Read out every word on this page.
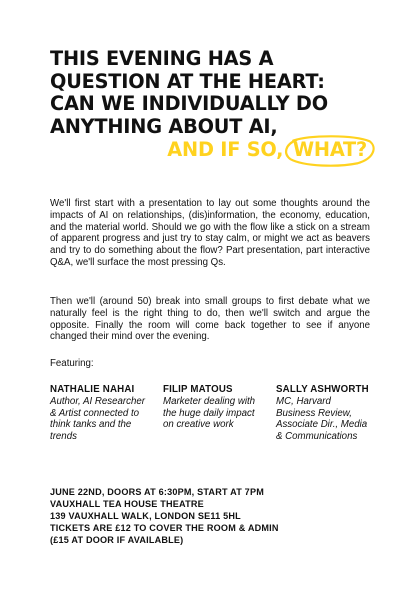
THIS EVENING HAS A
QUESTION AT THE HEART:
CAN WE INDIVIDUALLY DO
ANYTHING ABOUT AI,
AND IF SO, WHAT?

We'll first start with a presentation to lay out some thoughts around the impacts of AI on relationships, (dis)information, the economy, education, and the material world. Should we go with the flow like a stick on a stream of apparent progress and just try to stay calm, or might we act as beavers and try to do something about the flow? Part presentation, part interactive Q&A, we'll surface the most pressing Qs.

Then we'll (around 50) break into small groups to first debate what we naturally feel is the right thing to do, then we'll switch and argue the opposite. Finally the room will come back together to see if anyone changed their mind over the evening.

Featuring:
NATHALIE NAHAI
Author, AI Researcher & Artist connected to think tanks and the trends
FILIP MATOUS
Marketer dealing with the huge daily impact on creative work
SALLY ASHWORTH
MC, Harvard Business Review, Associate Dir., Media & Communications
JUNE 22ND, DOORS AT 6:30PM, START AT 7PM
VAUXHALL TEA HOUSE THEATRE
139 VAUXHALL WALK, LONDON SE11 5HL
TICKETS ARE £12 TO COVER THE ROOM & ADMIN
(£15 AT DOOR IF AVAILABLE)
